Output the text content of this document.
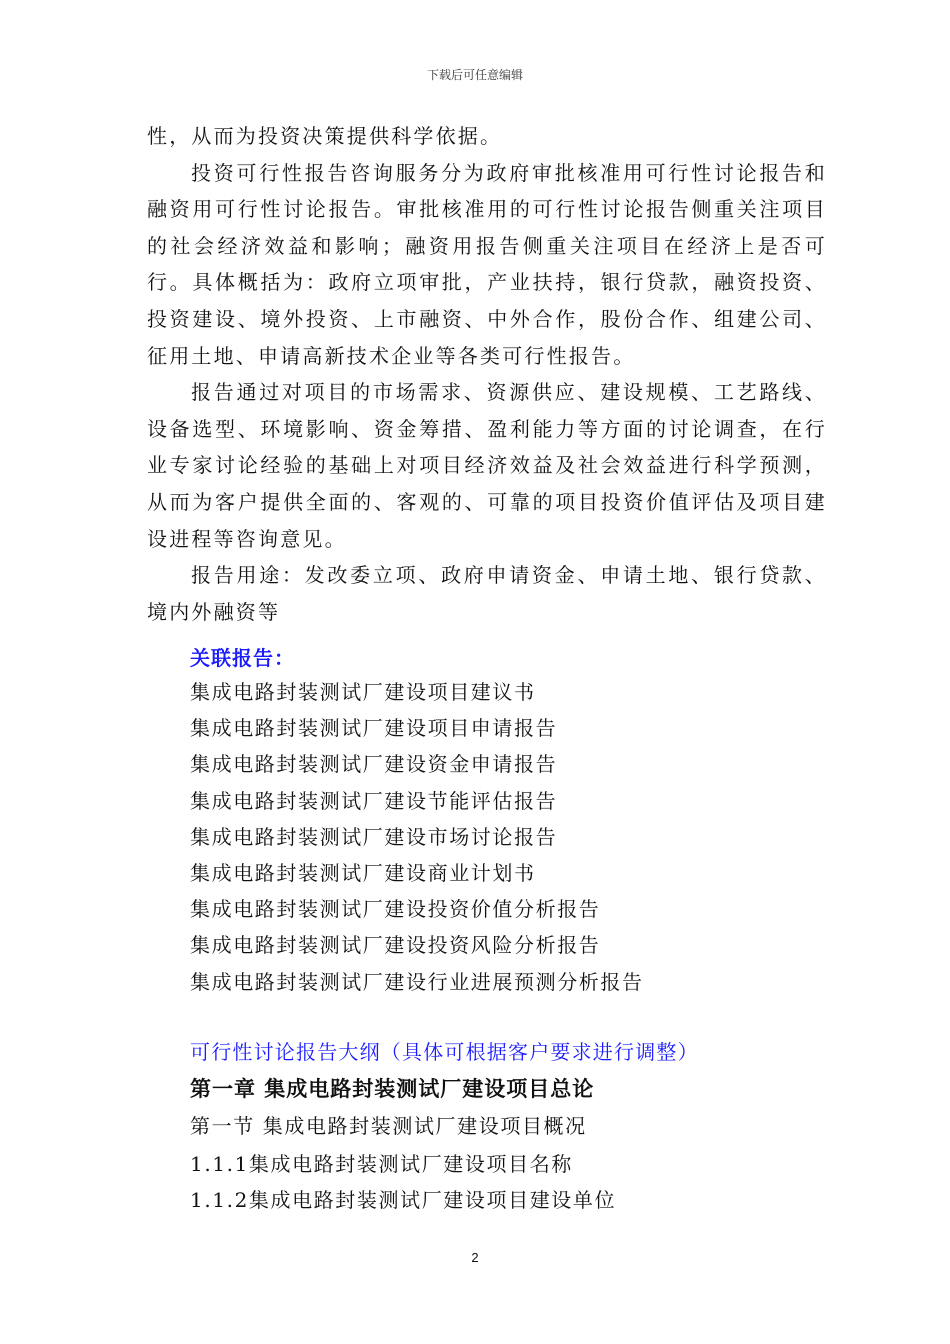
下载后可任意编辑

性，从而为投资决策提供科学依据。

投资可行性报告咨询服务分为政府审批核准用可行性讨论报告和融资用可行性讨论报告。审批核准用的可行性讨论报告侧重关注项目的社会经济效益和影响；融资用报告侧重关注项目在经济上是否可行。具体概括为：政府立项审批，产业扶持，银行贷款，融资投资、投资建设、境外投资、上市融资、中外合作，股份合作、组建公司、征用土地、申请高新技术企业等各类可行性报告。

报告通过对项目的市场需求、资源供应、建设规模、工艺路线、设备选型、环境影响、资金筹措、盈利能力等方面的讨论调查，在行业专家讨论经验的基础上对项目经济效益及社会效益进行科学预测，从而为客户提供全面的、客观的、可靠的项目投资价值评估及项目建设进程等咨询意见。

报告用途：发改委立项、政府申请资金、申请土地、银行贷款、境内外融资等

关联报告：
集成电路封装测试厂建设项目建议书
集成电路封装测试厂建设项目申请报告
集成电路封装测试厂建设资金申请报告
集成电路封装测试厂建设节能评估报告
集成电路封装测试厂建设市场讨论报告
集成电路封装测试厂建设商业计划书
集成电路封装测试厂建设投资价值分析报告
集成电路封装测试厂建设投资风险分析报告
集成电路封装测试厂建设行业进展预测分析报告
可行性讨论报告大纲（具体可根据客户要求进行调整）
第一章 集成电路封装测试厂建设项目总论
第一节 集成电路封装测试厂建设项目概况
1.1.1集成电路封装测试厂建设项目名称
1.1.2集成电路封装测试厂建设项目建设单位
2
